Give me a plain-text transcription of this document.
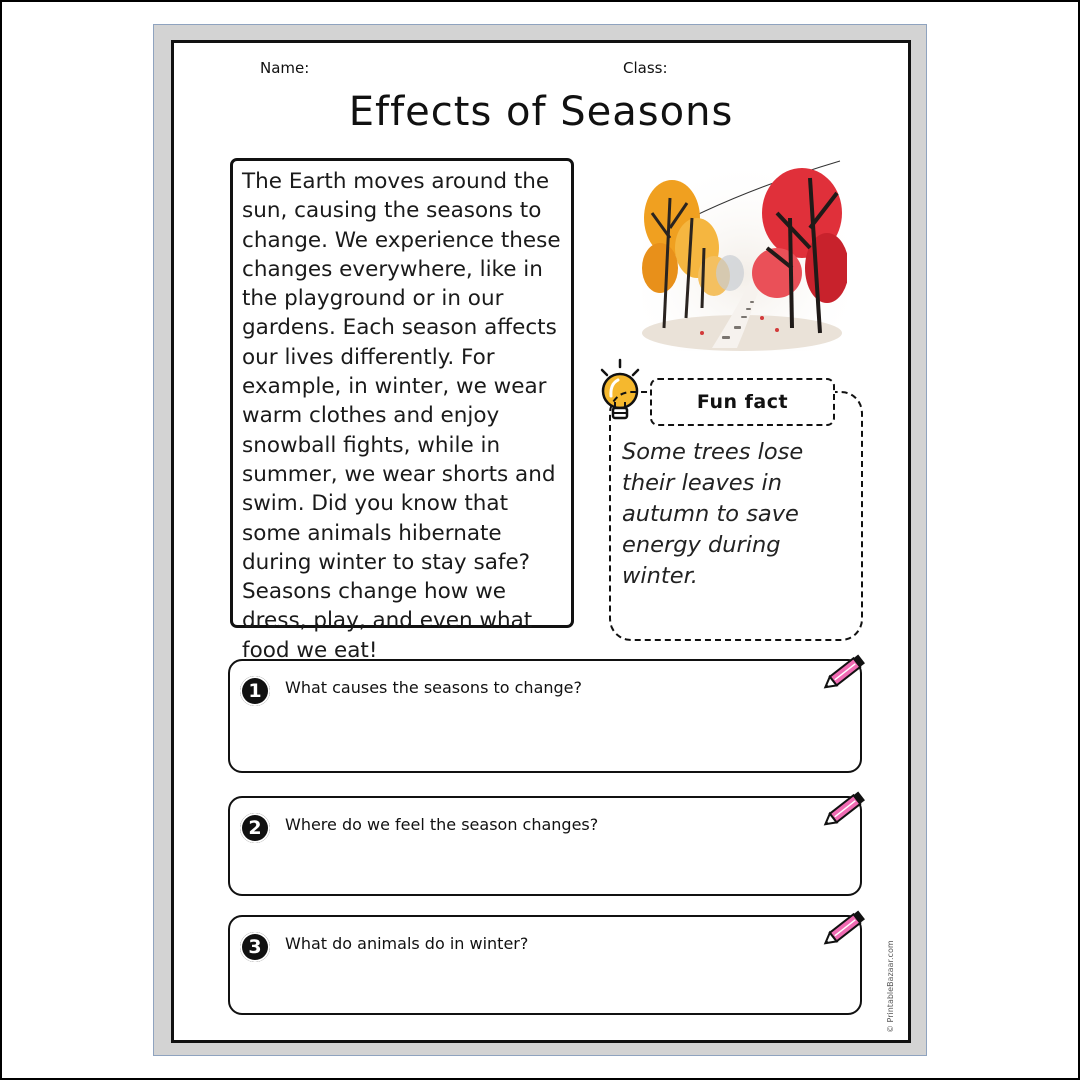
Name:	Class:
Effects of Seasons

The Earth moves around the sun, causing the seasons to change. We experience these changes everywhere, like in the playground or in our gardens. Each season affects our lives differently. For example, in winter, we wear warm clothes and enjoy snowball fights, while in summer, we wear shorts and swim. Did you know that some animals hibernate during winter to stay safe? Seasons change how we dress, play, and even what food we eat!

Fun fact

Some trees lose their leaves in autumn to save energy during winter.

1	What causes the seasons to change?
2	Where do we feel the season changes?
3	What do animals do in winter?	© PrintableBazaar.com
